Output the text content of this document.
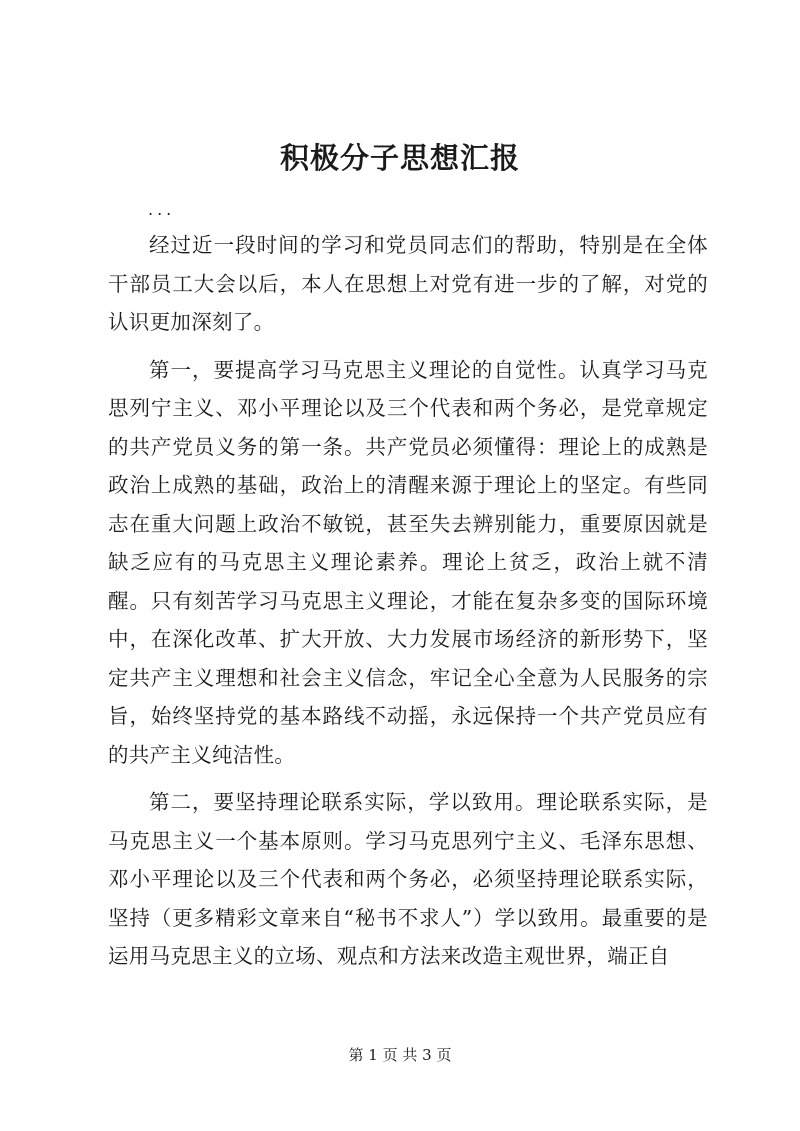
积极分子思想汇报
...

经过近一段时间的学习和党员同志们的帮助，特别是在全体干部员工大会以后，本人在思想上对党有进一步的了解，对党的认识更加深刻了。

第一，要提高学习马克思主义理论的自觉性。认真学习马克思列宁主义、邓小平理论以及三个代表和两个务必，是党章规定的共产党员义务的第一条。共产党员必须懂得：理论上的成熟是政治上成熟的基础，政治上的清醒来源于理论上的坚定。有些同志在重大问题上政治不敏锐，甚至失去辨别能力，重要原因就是缺乏应有的马克思主义理论素养。理论上贫乏，政治上就不清醒。只有刻苦学习马克思主义理论，才能在复杂多变的国际环境中，在深化改革、扩大开放、大力发展市场经济的新形势下，坚定共产主义理想和社会主义信念，牢记全心全意为人民服务的宗旨，始终坚持党的基本路线不动摇，永远保持一个共产党员应有的共产主义纯洁性。

第二，要坚持理论联系实际，学以致用。理论联系实际，是马克思主义一个基本原则。学习马克思列宁主义、毛泽东思想、邓小平理论以及三个代表和两个务必，必须坚持理论联系实际，坚持（更多精彩文章来自“秘书不求人”）学以致用。最重要的是运用马克思主义的立场、观点和方法来改造主观世界，端正自

第 1 页 共 3 页
